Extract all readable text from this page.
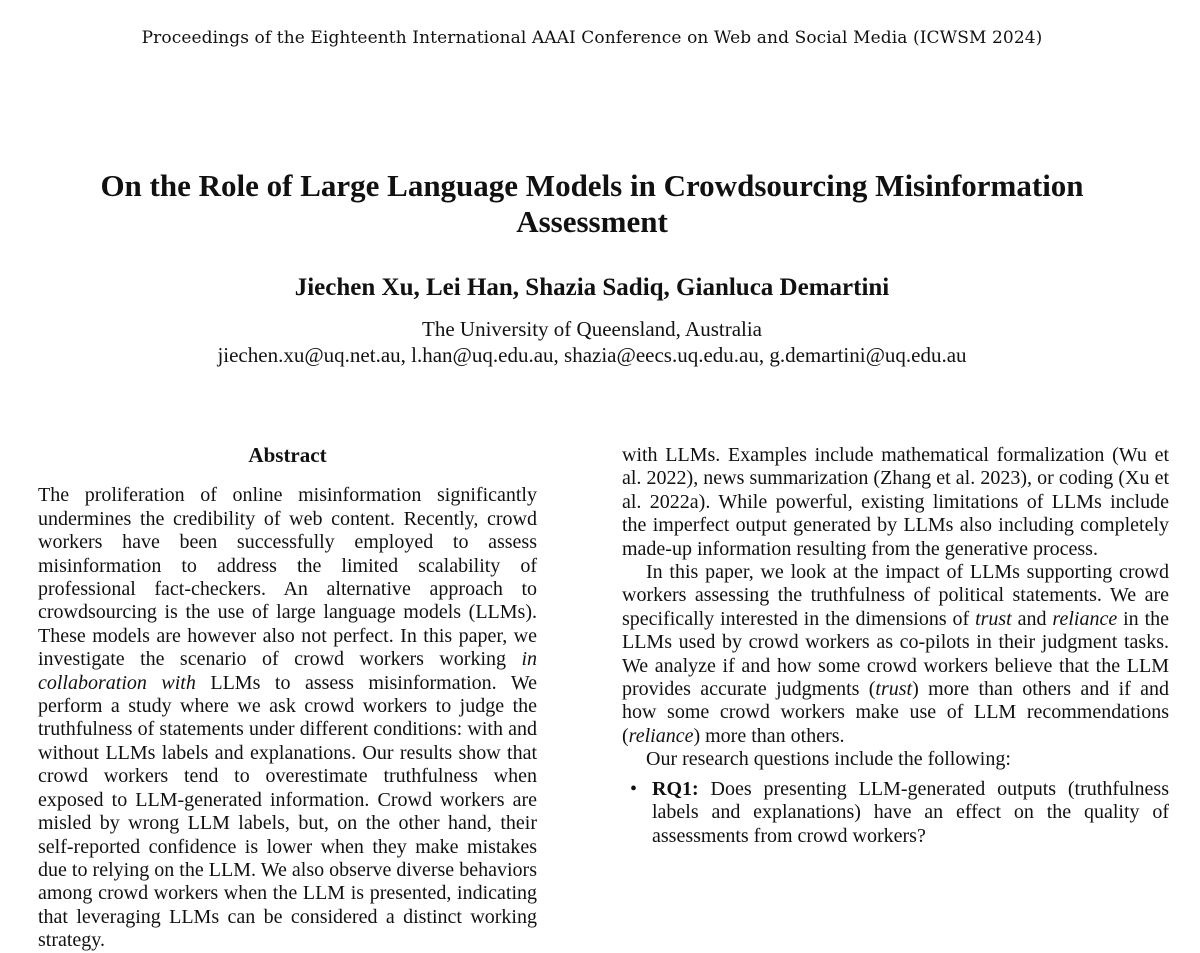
Proceedings of the Eighteenth International AAAI Conference on Web and Social Media (ICWSM 2024)
On the Role of Large Language Models in Crowdsourcing Misinformation Assessment
Jiechen Xu, Lei Han, Shazia Sadiq, Gianluca Demartini
The University of Queensland, Australia
jiechen.xu@uq.net.au, l.han@uq.edu.au, shazia@eecs.uq.edu.au, g.demartini@uq.edu.au
Abstract

The proliferation of online misinformation significantly undermines the credibility of web content. Recently, crowd workers have been successfully employed to assess misinformation to address the limited scalability of professional fact-checkers. An alternative approach to crowdsourcing is the use of large language models (LLMs). These models are however also not perfect. In this paper, we investigate the scenario of crowd workers working in collaboration with LLMs to assess misinformation. We perform a study where we ask crowd workers to judge the truthfulness of statements under different conditions: with and without LLMs labels and explanations. Our results show that crowd workers tend to overestimate truthfulness when exposed to LLM-generated information. Crowd workers are misled by wrong LLM labels, but, on the other hand, their self-reported confidence is lower when they make mistakes due to relying on the LLM. We also observe diverse behaviors among crowd workers when the LLM is presented, indicating that leveraging LLMs can be considered a distinct working strategy.

with LLMs. Examples include mathematical formalization (Wu et al. 2022), news summarization (Zhang et al. 2023), or coding (Xu et al. 2022a). While powerful, existing limitations of LLMs include the imperfect output generated by LLMs also including completely made-up information resulting from the generative process.

In this paper, we look at the impact of LLMs supporting crowd workers assessing the truthfulness of political statements. We are specifically interested in the dimensions of trust and reliance in the LLMs used by crowd workers as co-pilots in their judgment tasks. We analyze if and how some crowd workers believe that the LLM provides accurate judgments (trust) more than others and if and how some crowd workers make use of LLM recommendations (reliance) more than others.

Our research questions include the following:

• RQ1: Does presenting LLM-generated outputs (truthfulness labels and explanations) have an effect on the quality of assessments from crowd workers?
